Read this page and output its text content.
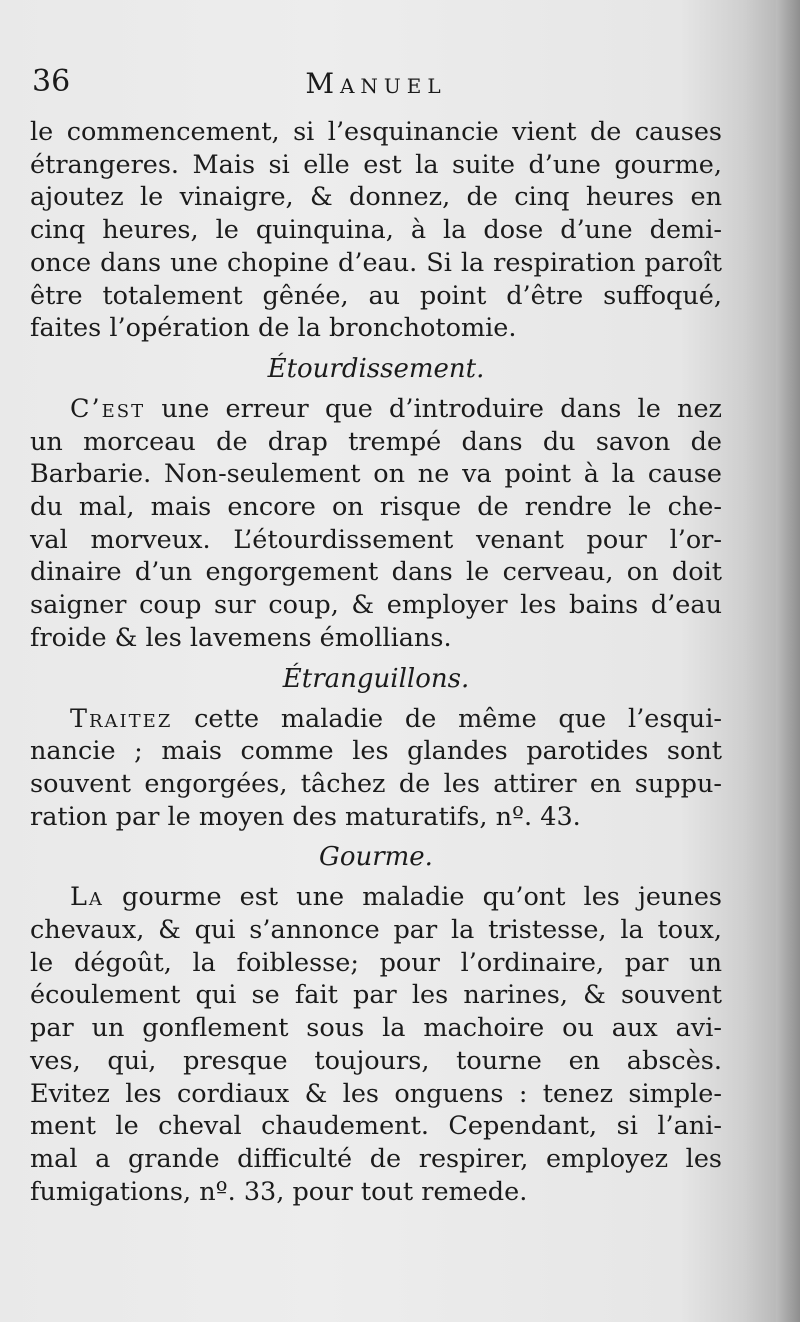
36	Manuel
le commencement, si l’esquinancie vient de causes
étrangeres. Mais si elle est la suite d’une gourme,
ajoutez le vinaigre, & donnez, de cinq heures en
cinq heures, le quinquina, à la dose d’une demi-
once dans une chopine d’eau. Si la respiration paroît
être totalement gênée, au point d’être suffoqué,
faites l’opération de la bronchotomie.
Étourdissement.
C’est une erreur que d’introduire dans le nez
un morceau de drap trempé dans du savon de
Barbarie. Non-seulement on ne va point à la cause
du mal, mais encore on risque de rendre le che-
val morveux. L’étourdissement venant pour l’or-
dinaire d’un engorgement dans le cerveau, on doit
saigner coup sur coup, & employer les bains d’eau
froide & les lavemens émollians.
Étranguillons.
Traitez cette maladie de même que l’esqui-
nancie ; mais comme les glandes parotides sont
souvent engorgées, tâchez de les attirer en suppu-
ration par le moyen des maturatifs, nº. 43.
Gourme.
La gourme est une maladie qu’ont les jeunes
chevaux, & qui s’annonce par la tristesse, la toux,
le dégoût, la foiblesse; pour l’ordinaire, par un
écoulement qui se fait par les narines, & souvent
par un gonflement sous la machoire ou aux avi-
ves, qui, presque toujours, tourne en abscès.
Evitez les cordiaux & les onguens : tenez simple-
ment le cheval chaudement. Cependant, si l’ani-
mal a grande difficulté de respirer, employez les
fumigations, nº. 33, pour tout remede.
